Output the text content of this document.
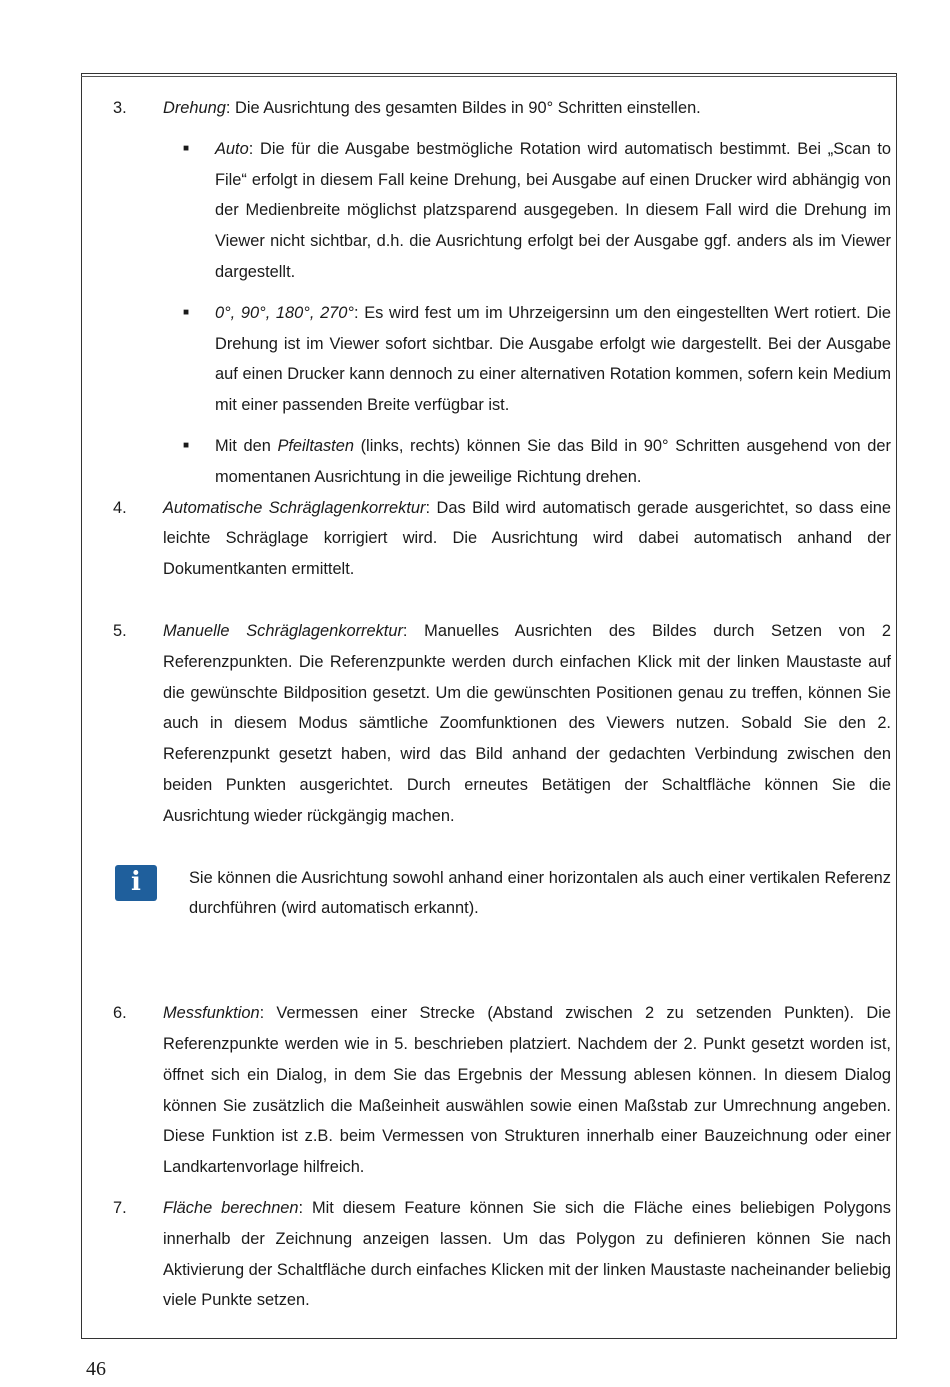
3.	Drehung: Die Ausrichtung des gesamten Bildes in 90° Schritten einstellen.

■	Auto: Die für die Ausgabe bestmögliche Rotation wird automatisch bestimmt. Bei „Scan to File“ erfolgt in diesem Fall keine Drehung, bei Ausgabe auf einen Drucker wird abhängig von der Medienbreite möglichst platzsparend ausgegeben. In diesem Fall wird die Drehung im Viewer nicht sichtbar, d.h. die Ausrichtung erfolgt bei der Ausgabe ggf. anders als im Viewer dargestellt.

■	0°, 90°, 180°, 270°: Es wird fest um im Uhrzeigersinn um den eingestellten Wert rotiert. Die Drehung ist im Viewer sofort sichtbar. Die Ausgabe erfolgt wie dargestellt. Bei der Ausgabe auf einen Drucker kann dennoch zu einer alternativen Rotation kommen, sofern kein Medium mit einer passenden Breite verfügbar ist.

■	Mit den Pfeiltasten (links, rechts) können Sie das Bild in 90° Schritten ausgehend von der momentanen Ausrichtung in die jeweilige Richtung drehen.

4.	Automatische Schräglagenkorrektur: Das Bild wird automatisch gerade ausgerichtet, so dass eine leichte Schräglage korrigiert wird. Die Ausrichtung wird dabei automatisch anhand der Dokumentkanten ermittelt.

5.	Manuelle Schräglagenkorrektur: Manuelles Ausrichten des Bildes durch Setzen von 2 Referenzpunkten. Die Referenzpunkte werden durch einfachen Klick mit der linken Maustaste auf die gewünschte Bildposition gesetzt. Um die gewünschten Positionen genau zu treffen, können Sie auch in diesem Modus sämtliche Zoomfunktionen des Viewers nutzen. Sobald Sie den 2. Referenzpunkt gesetzt haben, wird das Bild anhand der gedachten Verbindung zwischen den beiden Punkten ausgerichtet. Durch erneutes Betätigen der Schaltfläche können Sie die Ausrichtung wieder rückgängig machen.

i	Sie können die Ausrichtung sowohl anhand einer horizontalen als auch einer vertikalen Referenz durchführen (wird automatisch erkannt).

6.	Messfunktion: Vermessen einer Strecke (Abstand zwischen 2 zu setzenden Punkten). Die Referenzpunkte werden wie in 5. beschrieben platziert. Nachdem der 2. Punkt gesetzt worden ist, öffnet sich ein Dialog, in dem Sie das Ergebnis der Messung ablesen können. In diesem Dialog können Sie zusätzlich die Maßeinheit auswählen sowie einen Maßstab zur Umrechnung angeben. Diese Funktion ist z.B. beim Vermessen von Strukturen innerhalb einer Bauzeichnung oder einer Landkartenvorlage hilfreich.

7.	Fläche berechnen: Mit diesem Feature können Sie sich die Fläche eines beliebigen Polygons innerhalb der Zeichnung anzeigen lassen. Um das Polygon zu definieren können Sie nach Aktivierung der Schaltfläche durch einfaches Klicken mit der linken Maustaste nacheinander beliebig viele Punkte setzen.

46
